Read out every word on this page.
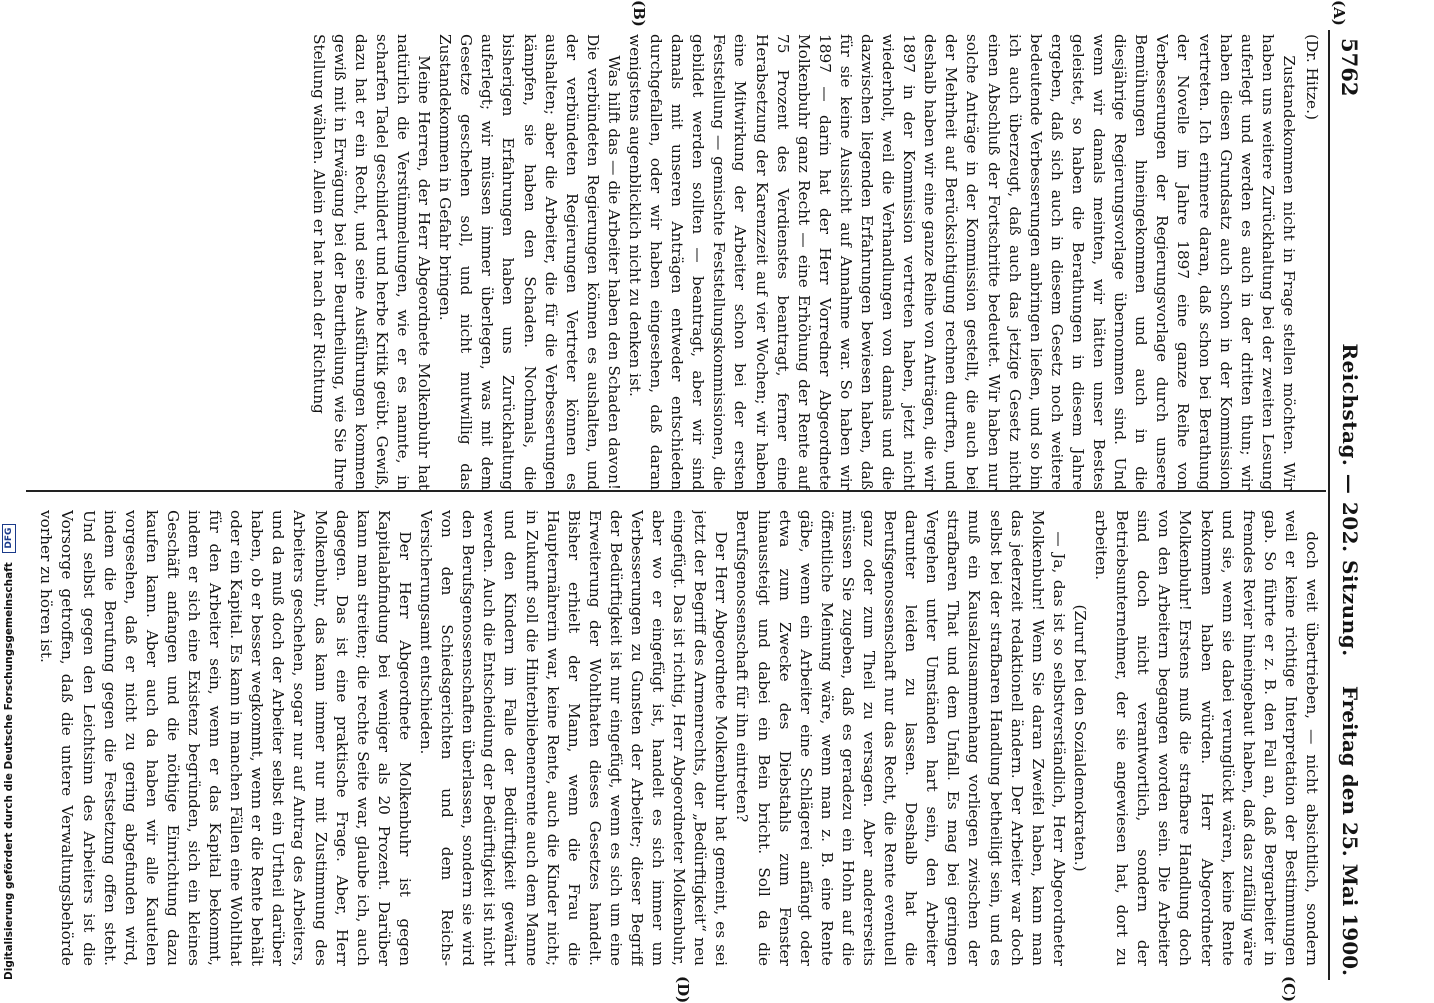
5762
Reichstag. — 202. Sitzung.
Freitag den 25. Mai 1900.
(A)
(B)
(C)
(D)
(Dr. Hitze.)

Zustandekommen nicht in Frage stellen möchten. Wir haben uns weitere Zurückhaltung bei der zweiten Lesung auferlegt und werden es auch in der dritten thun; wir haben diesen Grundsatz auch schon in der Kommission vertreten. Ich erinnere daran, daß schon bei Berathung der Novelle im Jahre 1897 eine ganze Reihe von Verbesserungen der Regierungsvorlage durch unsere Bemühungen hineingekommen und auch in die diesjährige Regierungsvorlage übernommen sind. Und wenn wir damals meinten, wir hätten unser Bestes geleistet, so haben die Berathungen in diesem Jahre ergeben, daß sich auch in diesem Gesetz noch weitere bedeutende Verbesserungen anbringen ließen, und so bin ich auch überzeugt, daß auch das jetzige Gesetz nicht einen Abschluß der Fortschritte bedeutet. Wir haben nur solche Anträge in der Kommission gestellt, die auch bei der Mehrheit auf Berücksichtigung rechnen durften, und deshalb haben wir eine ganze Reihe von Anträgen, die wir 1897 in der Kommission vertreten haben, jetzt nicht wiederholt, weil die Verhandlungen von damals und die dazwischen liegenden Erfahrungen bewiesen haben, daß für sie keine Aussicht auf Annahme war. So haben wir 1897 — darin hat der Herr Vorredner Abgeordnete Molkenbuhr ganz Recht — eine Erhöhung der Rente auf 75 Prozent des Verdienstes beantragt, ferner eine Herabsetzung der Karenzzeit auf vier Wochen; wir haben eine Mitwirkung der Arbeiter schon bei der ersten Feststellung — gemischte Feststellungskommissionen, die gebildet werden sollten — beantragt, aber wir sind damals mit unseren Anträgen entweder entschieden durchgefallen, oder wir haben eingesehen, daß daran wenigstens augenblicklich nicht zu denken ist.

Was hilft das — die Arbeiter haben den Schaden davon! Die verbündeten Regierungen können es aushalten, und der verbündeten Regierungen Vertreter können es aushalten; aber die Arbeiter, die für die Verbesserungen kämpfen, sie haben den Schaden. Nochmals, die bisherigen Erfahrungen haben uns Zurückhaltung auferlegt; wir müssen immer überlegen, was mit dem Gesetze geschehen soll, und nicht mutwillig das Zustandekommen in Gefahr bringen.

Meine Herren, der Herr Abgeordnete Molkenbuhr hat natürlich die Verstümmelungen, wie er es nannte, in scharfen Tadel geschildert und herbe Kritik geübt. Gewiß, dazu hat er ein Recht, und seine Ausführungen kommen gewiß mit in Erwägung bei der Beurtheilung, wie Sie Ihre Stellung wählen. Allein er hat nach der Richtung

doch weit übertrieben, — nicht absichtlich, sondern weil er keine richtige Interpretation der Bestimmungen gab. So führte er z. B. den Fall an, daß Bergarbeiter in fremdes Revier hineingebaut haben, daß das zufällig wäre und sie, wenn sie dabei verunglückt wären, keine Rente bekommen haben würden. Herr Abgeordneter Molkenbuhr! Erstens muß die strafbare Handlung doch von den Arbeitern begangen worden sein. Die Arbeiter sind doch nicht verantwortlich, sondern der Betriebsunternehmer, der sie angewiesen hat, dort zu arbeiten.

(Zuruf bei den Sozialdemokraten.)

— Ja, das ist so selbstverständlich, Herr Abgeordneter Molkenbuhr! Wenn Sie daran Zweifel haben, kann man das jederzeit redaktionell ändern. Der Arbeiter war doch selbst bei der strafbaren Handlung betheiligt sein, und es muß ein Kausalzusammenhang vorliegen zwischen der strafbaren That und dem Unfall. Es mag bei geringen Vergehen unter Umständen hart sein, den Arbeiter darunter leiden zu lassen. Deshalb hat die Berufsgenossenschaft nur das Recht, die Rente eventuell ganz oder zum Theil zu versagen. Aber andererseits müssen Sie zugeben, daß es geradezu ein Hohn auf die öffentliche Meinung wäre, wenn man z. B. eine Rente gäbe, wenn ein Arbeiter eine Schlägerei anfängt oder etwa zum Zwecke des Diebstahls zum Fenster hinaussteigt und dabei ein Bein bricht. Soll da die Berufsgenossenschaft für ihn eintreten?

Der Herr Abgeordnete Molkenbuhr hat gemeint, es sei jetzt der Begriff des Armenrechts, der „Bedürftigkeit“ neu eingefügt. Das ist richtig, Herr Abgeordneter Molkenbuhr, aber wo er eingefügt ist, handelt es sich immer um Verbesserungen zu Gunsten der Arbeiter; dieser Begriff der Bedürftigkeit ist nur eingefügt, wenn es sich um eine Erweiterung der Wohlthaten dieses Gesetzes handelt. Bisher erhielt der Mann, wenn die Frau die Haupternährerin war, keine Rente, auch die Kinder nicht; in Zukunft soll die Hinterbliebenenrente auch dem Manne und den Kindern im Falle der Bedürftigkeit gewährt werden. Auch die Entscheidung der Bedürftigkeit ist nicht den Berufsgenossenschaften überlassen, sondern sie wird von den Schiedsgerichten und dem Reichs-Versicherungsamt entschieden.

Der Herr Abgeordnete Molkenbuhr ist gegen Kapitalabfindung bei weniger als 20 Prozent. Darüber kann man streiten; die rechte Seite war, glaube ich, auch dagegen. Das ist eine praktische Frage. Aber, Herr Molkenbuhr, das kann immer nur mit Zustimmung des Arbeiters geschehen, sogar nur auf Antrag des Arbeiters, und da muß doch der Arbeiter selbst ein Urtheil darüber haben, ob er besser wegkommt, wenn er die Rente behält oder ein Kapital. Es kann in manchen Fällen eine Wohlthat für den Arbeiter sein, wenn er das Kapital bekommt, indem er sich eine Existenz begründen, sich ein kleines Geschäft anfangen und die nöthige Einrichtung dazu kaufen kann. Aber auch da haben wir alle Kautelen vorgesehen, daß er nicht zu gering abgefunden wird, indem die Berufung gegen die Festsetzung offen steht. Und selbst gegen den Leichtsinn des Arbeiters ist die Vorsorge getroffen, daß die untere Verwaltungsbehörde vorher zu hören ist.

Digitalisierung gefördert durch die Deutsche Forschungsgemeinschaft DFG
